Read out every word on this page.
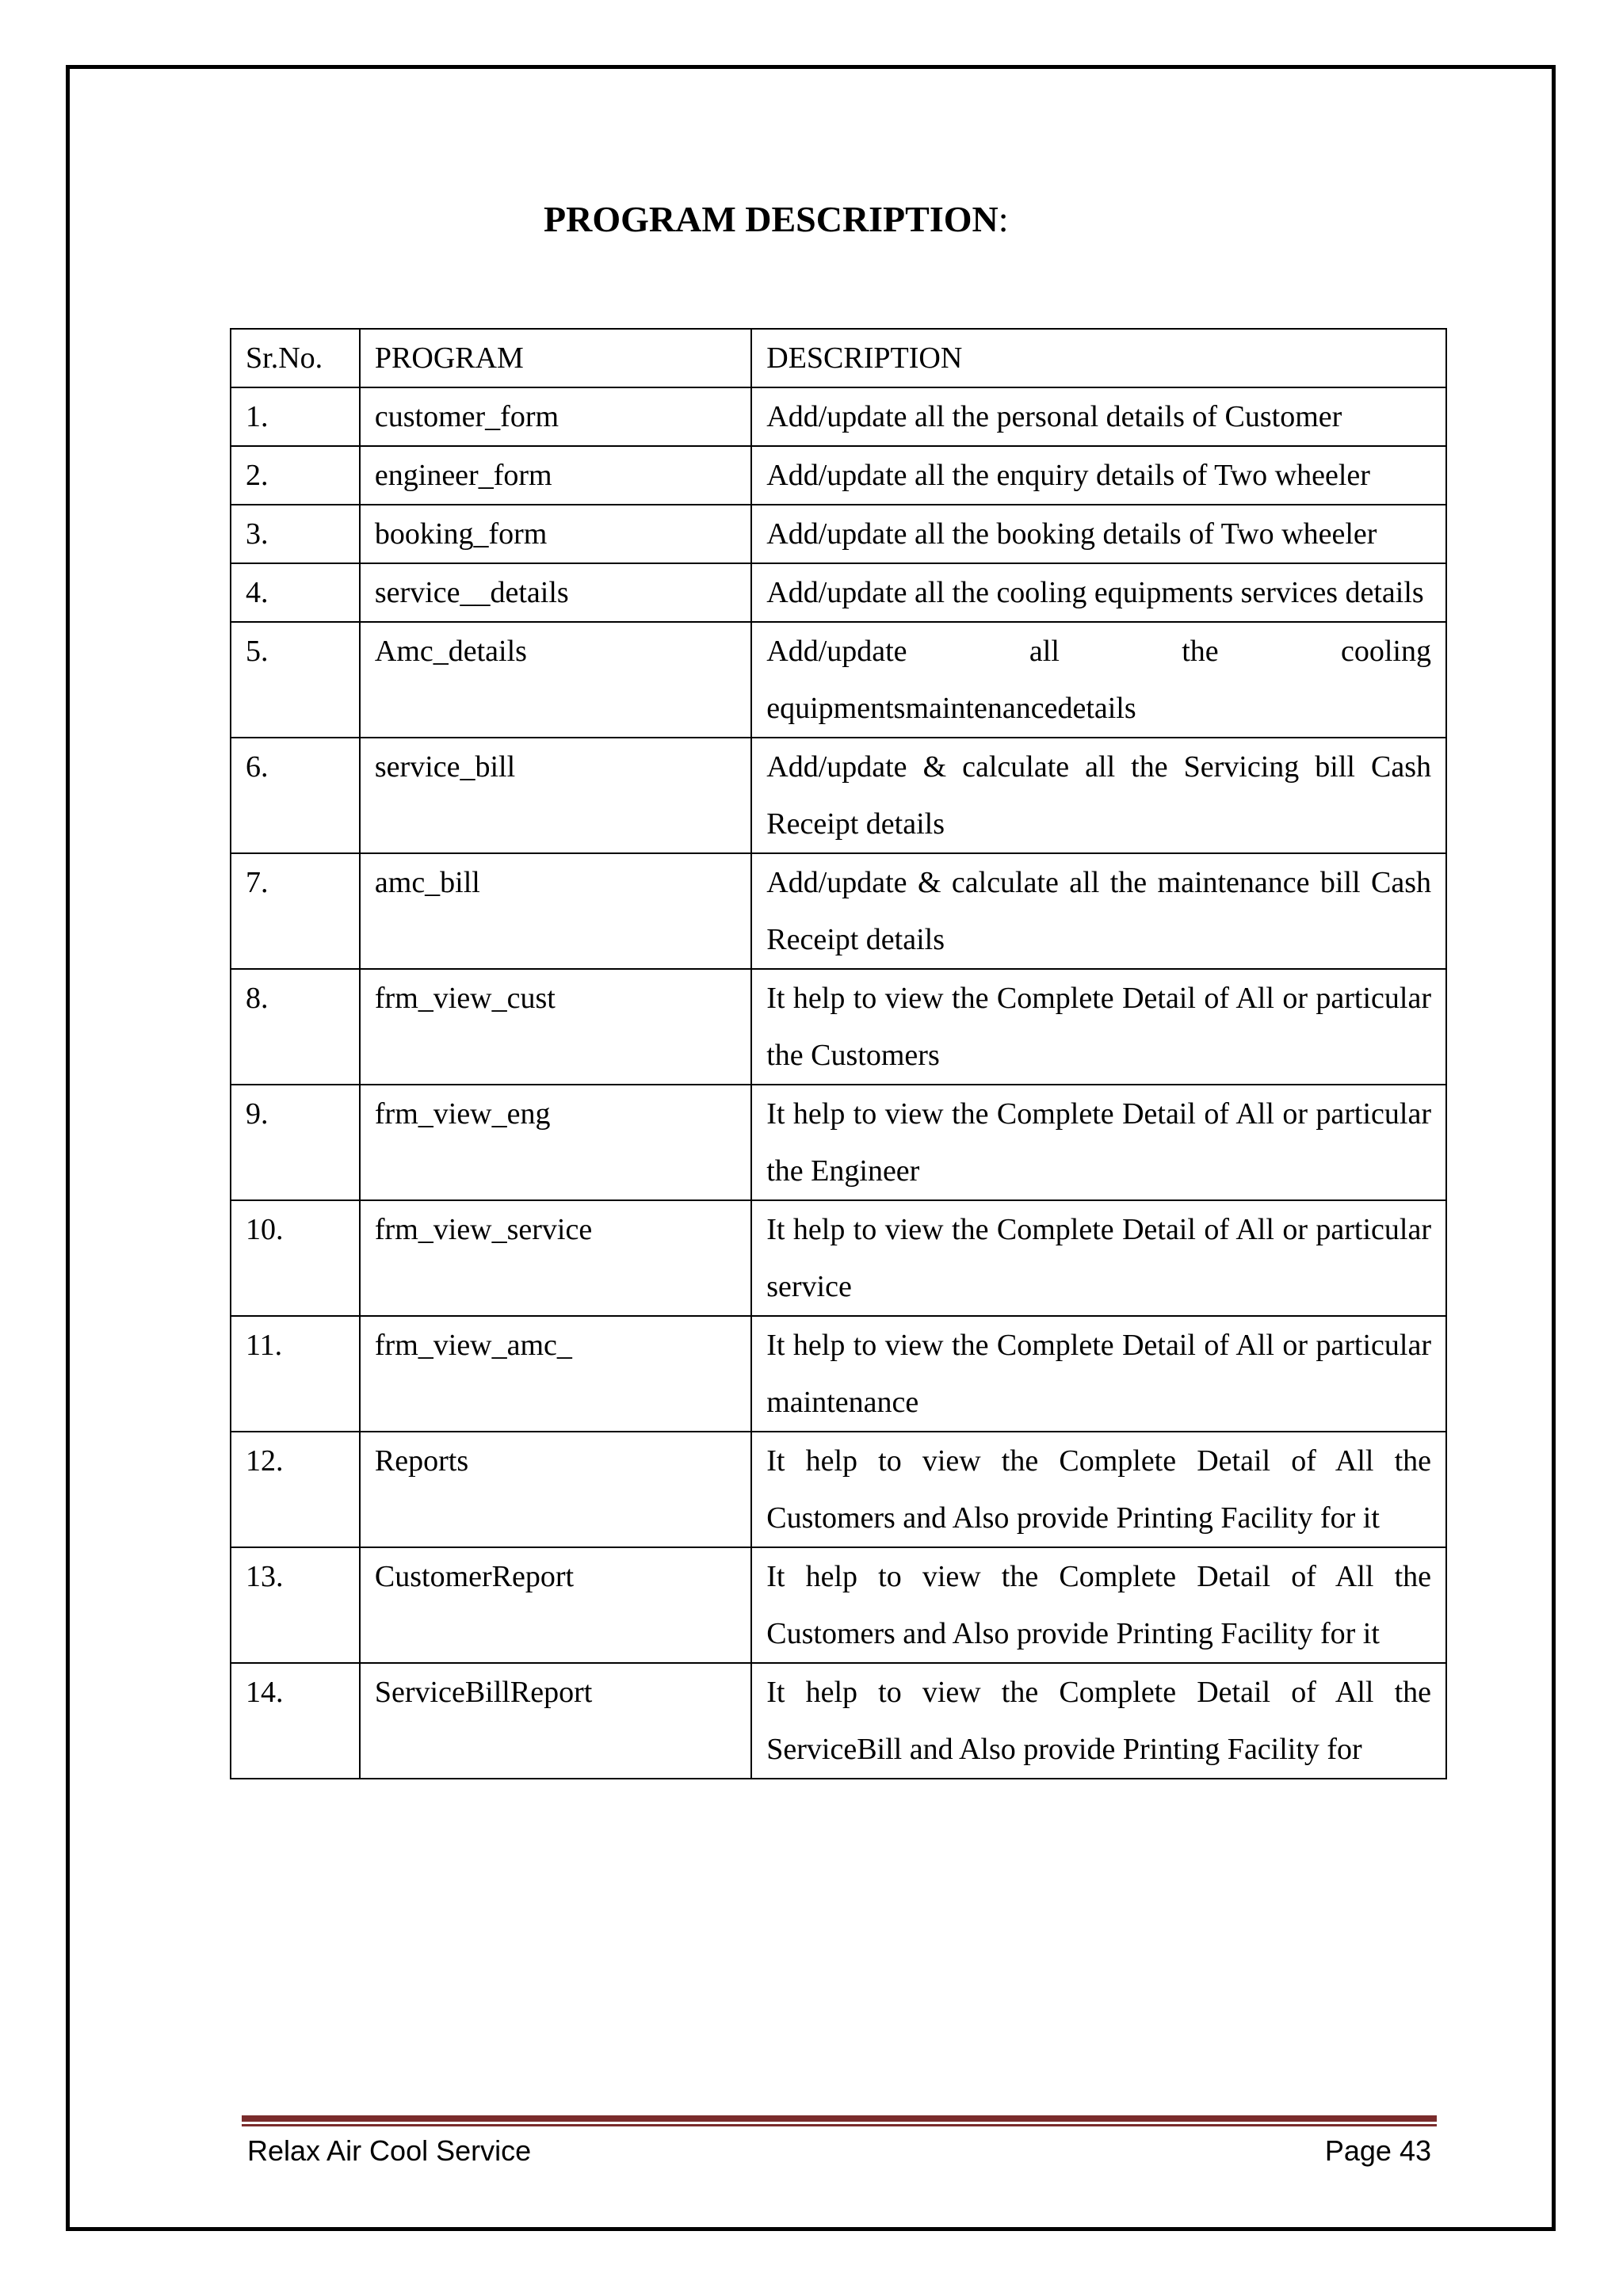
PROGRAM DESCRIPTION:
Sr.No.	PROGRAM	DESCRIPTION
1.	customer_form	Add/update all the personal details of Customer
2.	engineer_form	Add/update all the enquiry details of Two wheeler
3.	booking_form	Add/update all the booking details of Two wheeler
4.	service__details	Add/update all the cooling equipments services details
5.	Amc_details	Add/update all the cooling equipmentsmaintenancedetails
6.	service_bill	Add/update & calculate all the Servicing bill Cash Receipt details
7.	amc_bill	Add/update & calculate all the maintenance bill Cash Receipt details
8.	frm_view_cust	It help to view the Complete Detail of All or particular the Customers
9.	frm_view_eng	It help to view the Complete Detail of All or particular the Engineer
10.	frm_view_service	It help to view the Complete Detail of All or particular service
11.	frm_view_amc_	It help to view the Complete Detail of All or particular maintenance
12.	Reports	It help to view the Complete Detail of All the Customers and Also provide Printing Facility for it
13.	CustomerReport	It help to view the Complete Detail of All the Customers and Also provide Printing Facility for it
14.	ServiceBillReport	It help to view the Complete Detail of All the ServiceBill and Also provide Printing Facility for
Relax Air Cool Service	Page 43
